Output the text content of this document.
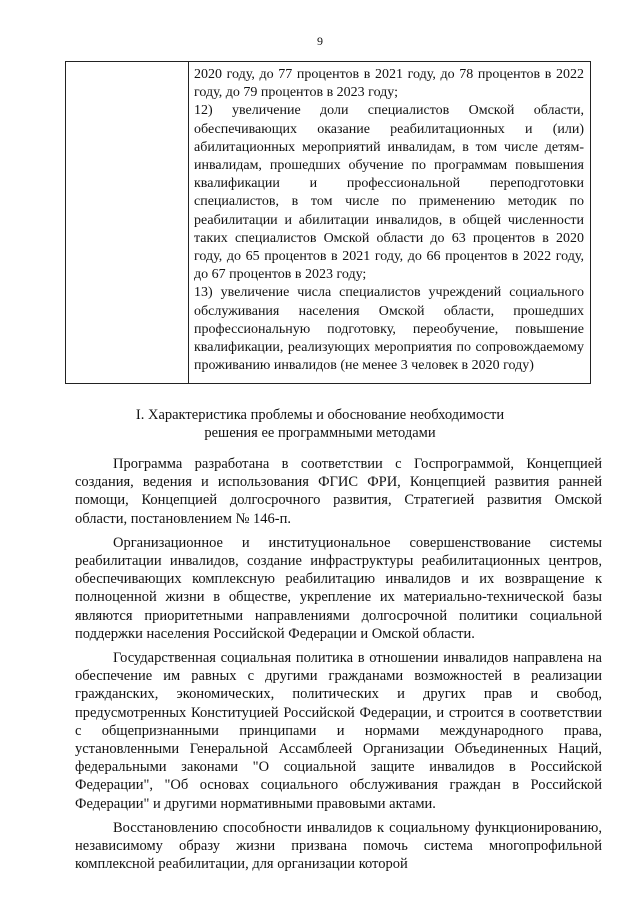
9

2020 году, до 77 процентов в 2021 году, до 78 процентов в 2022 году, до 79 процентов в 2023 году;

12) увеличение доли специалистов Омской области, обеспечивающих оказание реабилитационных и (или) абилитационных мероприятий инвалидам, в том числе детям-инвалидам, прошедших обучение по программам повышения квалификации и профессиональной переподготовки специалистов, в том числе по применению методик по реабилитации и абилитации инвалидов, в общей численности таких специалистов Омской области до 63 процентов в 2020 году, до 65 процентов в 2021 году, до 66 процентов в 2022 году, до 67 процентов в 2023 году;

13) увеличение числа специалистов учреждений социального обслуживания населения Омской области, прошедших профессиональную подготовку, переобучение, повышение квалификации, реализующих мероприятия по сопровождаемому проживанию инвалидов (не менее 3 человек в 2020 году)

I. Характеристика проблемы и обоснование необходимости
решения ее программными методами

Программа разработана в соответствии с Госпрограммой, Концепцией создания, ведения и использования ФГИС ФРИ, Концепцией развития ранней помощи, Концепцией долгосрочного развития, Стратегией развития Омской области, постановлением № 146-п.

Организационное и институциональное совершенствование системы реабилитации инвалидов, создание инфраструктуры реабилитационных центров, обеспечивающих комплексную реабилитацию инвалидов и их возвращение к полноценной жизни в обществе, укрепление их материально-технической базы являются приоритетными направлениями долгосрочной политики социальной поддержки населения Российской Федерации и Омской области.

Государственная социальная политика в отношении инвалидов направлена на обеспечение им равных с другими гражданами возможностей в реализации гражданских, экономических, политических и других прав и свобод, предусмотренных Конституцией Российской Федерации, и строится в соответствии с общепризнанными принципами и нормами международного права, установленными Генеральной Ассамблеей Организации Объединенных Наций, федеральными законами "О социальной защите инвалидов в Российской Федерации", "Об основах социального обслуживания граждан в Российской Федерации" и другими нормативными правовыми актами.

Восстановлению способности инвалидов к социальному функционированию, независимому образу жизни призвана помочь система многопрофильной комплексной реабилитации, для организации которой
